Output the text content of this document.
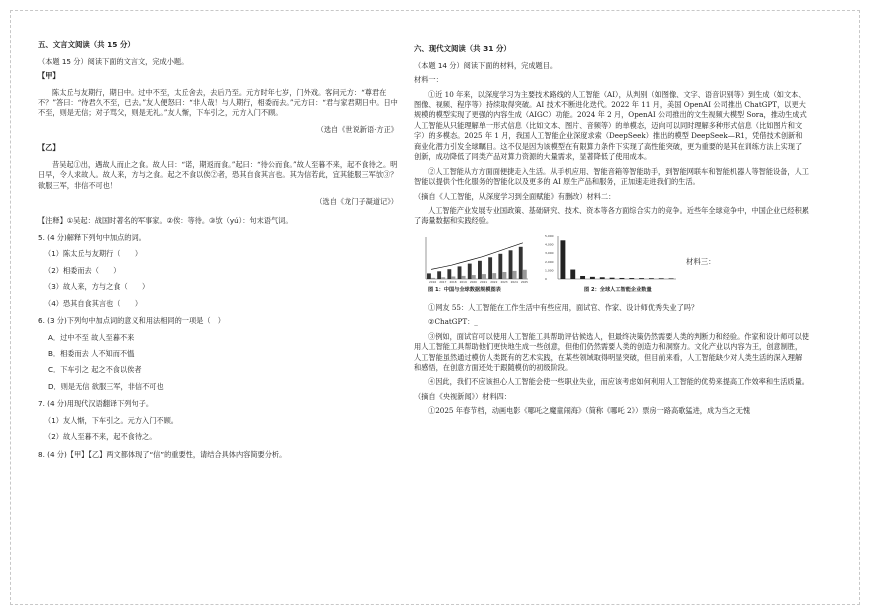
五、文言文阅读（共 15 分）

（本题 15 分）阅读下面的文言文，完成小题。

【甲】

陈太丘与友期行，期日中。过中不至，太丘舍去，去后乃至。元方时年七岁，门外戏。客问元方：“尊君在不？”答曰：“待君久不至，已去。”友人便怒曰：“非人哉！与人期行，相委而去。”元方曰：“君与家君期日中。日中不至，则是无信；对子骂父，则是无礼。”友人惭，下车引之，元方入门不顾。

（选自《世说新语·方正》
【乙】

昔吴起①出，遇故人而止之食。故人曰：“诺，期返而食。”起曰：“待公而食。”故人至暮不来，起不食待之。明日早，令人求故人。故人来，方与之食。起之不食以俟②者，恐其自食其言也。其为信若此，宜其能服三军欤③？欲服三军，非信不可也！

（选自《龙门子凝道记》）

【注释】①吴起：战国时著名的军事家。②俟：等待。③欤（yú）：句末语气词。

5. (4 分)解释下列句中加点的词。
（1）陈太丘与友期行（　　）
（2）相委而去（　　）
（3）故人来，方与之食（　　）
（4）恐其自食其言也（　　）
6. (3 分)下列句中加点词的意义和用法相同的一项是（　）
A．过中不至 故人至暮不来
B．相委而去 人不知而不愠
C．下车引之 起之不食以俟者
D．则是无信 欲服三军，非信不可也
7. (4 分)用现代汉语翻译下列句子。
（1）友人惭，下车引之。元方入门不顾。
（2）故人至暮不来，起不食待之。
8. (4 分)【甲】【乙】两文都体现了“信”的重要性，请结合具体内容简要分析。
六、现代文阅读（共 31 分）

（本题 14 分）阅读下面的材料，完成题目。

材料一：

①近 10 年来，以深度学习为主要技术路线的人工智能（AI），从判别（如图像、文字、语音识别等）到生成（如文本、图像、视频、程序等）持续取得突破。AI 技术不断进化迭代。2022 年 11 月，美国 OpenAI 公司推出 ChatGPT，以更大规模的模型实现了更强的内容生成（AIGC）功能。2024 年 2 月，OpenAI 公司推出的文生视频大模型 Sora，推动生成式人工智能从只能理解单一形式信息（比如文本、图片、音频等）的单模态，迈向可以同时理解多种形式信息（比如图片和文字）的多模态。2025 年 1 月，我国人工智能企业深度求索（DeepSeek）推出的模型 DeepSeek—R1，凭借技术创新和商业化潜力引发全球瞩目。这不仅是因为该模型在有限算力条件下实现了高性能突破，更为重要的是其在训练方法上实现了创新，成功降低了同类产品对算力资源的大量需求，显著降低了使用成本。

②人工智能从方方面面便捷走入生活。从手机应用、智能音箱等智能助手，到智能网联车和智能机器人等智能设备，人工智能以提供个性化服务的智能化以及更多的 AI 原生产品和服务，正加速走进我们的生活。

（摘自《人工智能，从深度学习到全面赋能》有删改）材料二：

人工智能产业发展专业国政策、基础研究、技术、资本等各方面综合实力的竞争。近些年全球竞争中，中国企业已经积累了海量数据和实践经验。

2016 2017 2018 2019 2020 2021 2022 2023 2024 2025
图 1：中国与全球数据规模图表
0
1,000
2,000
3,000
4,000
5,000
图 2：全球人工智能企业数量
材料三：

①网友 55：人工智能在工作生活中有些应用，面试官、作家、设计师优秀失业了吗？

②ChatGPT：_

③例如，面试官可以使用人工智能工具帮助评估候选人，但最终决策仍然需要人类的判断力和经验。作家和设计师可以使用人工智能工具帮助他们更快地生成一些创意，但他们仍然需要人类的创造力和洞察力。文化产业以内容为王，创意制胜，人工智能虽然通过模仿人类既有的艺术实践，在某些领域取得明显突破，但目前来看，人工智能缺少对人类生活的深入理解和感悟，在创意方面还处于跟随模仿的初级阶段。

④因此，我们不应该担心人工智能会使一些职业失业，而应该考虑如何利用人工智能的优势来提高工作效率和生活质量。

（摘自《央视新闻》）材料四：

①2025 年春节档，动画电影《哪吒之魔童闹海》（简称《哪吒 2》）票房一路高歌猛进，成为当之无愧
